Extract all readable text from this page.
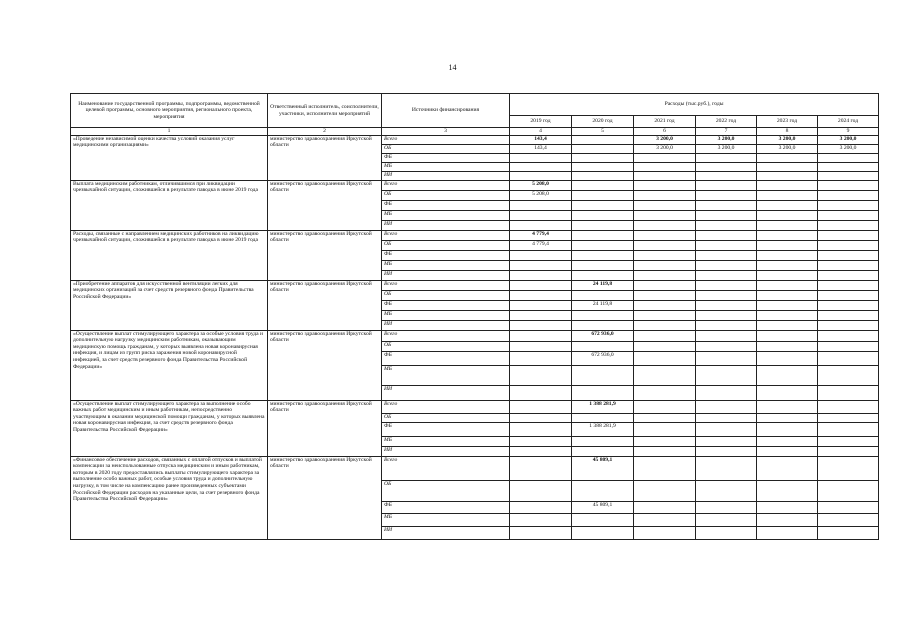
14
Наименование государственной программы, подпрограммы, ведомственной целевой программы, основного мероприятия, регионального проекта, мероприятия	Ответственный исполнитель, соисполнители, участники, исполнители мероприятий	Источники финансирования	Расходы (тыс.руб.), годы					
			2019 год	2020 год	2021 год	2022 год	2023 год	2024 год
1	2	3	4	5	6	7	8	9
«Проведение независимой оценки качества условий оказания услуг медицинскими организациями»	министерство здравоохранения Иркутской области	Всего	143,4		3 200,0	3 200,0	3 200,0	3 200,0
		ОБ	143,4		3 200,0	3 200,0	3 200,0	3 200,0
		ФБ						
		МБ						
		ИИ						
Выплата медицинским работникам, отличившимся при ликвидации чрезвычайной ситуации, сложившейся в результате паводка в июне 2019 года	министерство здравоохранения Иркутской области	Всего	5 208,0					
		ОБ	5 208,0					
		ФБ						
		МБ						
		ИИ						
Расходы, связанные с направлением медицинских работников на ликвидацию чрезвычайной ситуации, сложившейся в результате паводка в июне 2019 года	министерство здравоохранения Иркутской области	Всего	4 779,4					
		ОБ	4 779,4					
		ФБ						
		МБ						
		ИИ						
«Приобретение аппаратов для искусственной вентиляции легких для медицинских организаций за счет средств резервного фонда Правительства Российской Федерации»	министерство здравоохранения Иркутской области	Всего		24 119,8				
		ОБ						
		ФБ		24 119,8				
		МБ						
		ИИ						
«Осуществление выплат стимулирующего характера за особые условия труда и дополнительную нагрузку медицинским работникам, оказывающим медицинскую помощь гражданам, у которых выявлена новая коронавирусная инфекция, и лицам из групп риска заражения новой коронавирусной инфекцией, за счет средств резервного фонда Правительства Российской Федерации»	министерство здравоохранения Иркутской области	Всего		672 936,0				
		ОБ						
		ФБ		672 936,0				
		МБ						
		ИИ						
«Осуществление выплат стимулирующего характера за выполнение особо важных работ медицинским и иным работникам, непосредственно участвующим в оказании медицинской помощи гражданам, у которых выявлена новая коронавирусная инфекция, за счет средств резервного фонда Правительства Российской Федерации»	министерство здравоохранения Иркутской области	Всего		1 388 281,9				
		ОБ						
		ФБ		1 388 281,9				
		МБ						
		ИИ						
«Финансовое обеспечение расходов, связанных с оплатой отпусков и выплатой компенсации за неиспользованные отпуска медицинским и иным работникам, которым в 2020 году предоставлялись выплаты стимулирующего характера за выполнение особо важных работ, особые условия труда и дополнительную нагрузку, в том числе на компенсацию ранее произведенных субъектами Российской Федерации расходов на указанные цели, за счет резервного фонда Правительства Российской Федерации»	министерство здравоохранения Иркутской области	Всего		45 809,1				
		ОБ						
		ФБ		45 809,1				
		МБ						
		ИИ						
